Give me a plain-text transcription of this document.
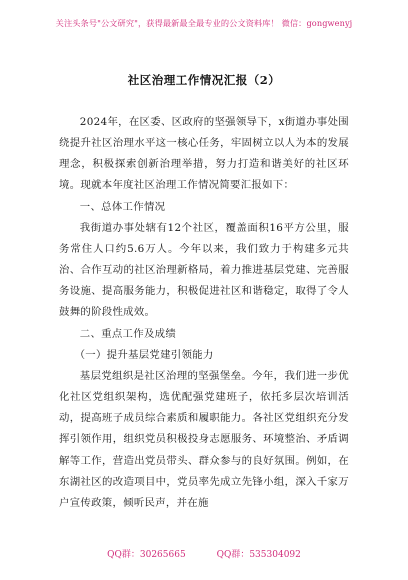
关注头条号"公文研究"，获得最新最全最专业的公文资料库！ 微信：gongwenyj
社区治理工作情况汇报（2）

2024年，在区委、区政府的坚强领导下，x街道办事处围绕提升社区治理水平这一核心任务，牢固树立以人为本的发展理念，积极探索创新治理举措，努力打造和谐美好的社区环境。现就本年度社区治理工作情况简要汇报如下：

一、总体工作情况

我街道办事处辖有12个社区，覆盖面积16平方公里，服务常住人口约5.6万人。今年以来，我们致力于构建多元共治、合作互动的社区治理新格局，着力推进基层党建、完善服务设施、提高服务能力，积极促进社区和谐稳定，取得了令人鼓舞的阶段性成效。

二、重点工作及成绩

（一）提升基层党建引领能力

基层党组织是社区治理的坚强堡垒。今年，我们进一步优化社区党组织架构，选优配强党建班子，依托多层次培训活动，提高班子成员综合素质和履职能力。各社区党组织充分发挥引领作用，组织党员积极投身志愿服务、环境整治、矛盾调解等工作，营造出党员带头、群众参与的良好氛围。例如，在东湖社区的改造项目中，党员率先成立先锋小组，深入千家万户宣传政策，倾听民声，并在施

QQ群：30265665	QQ群：535304092
